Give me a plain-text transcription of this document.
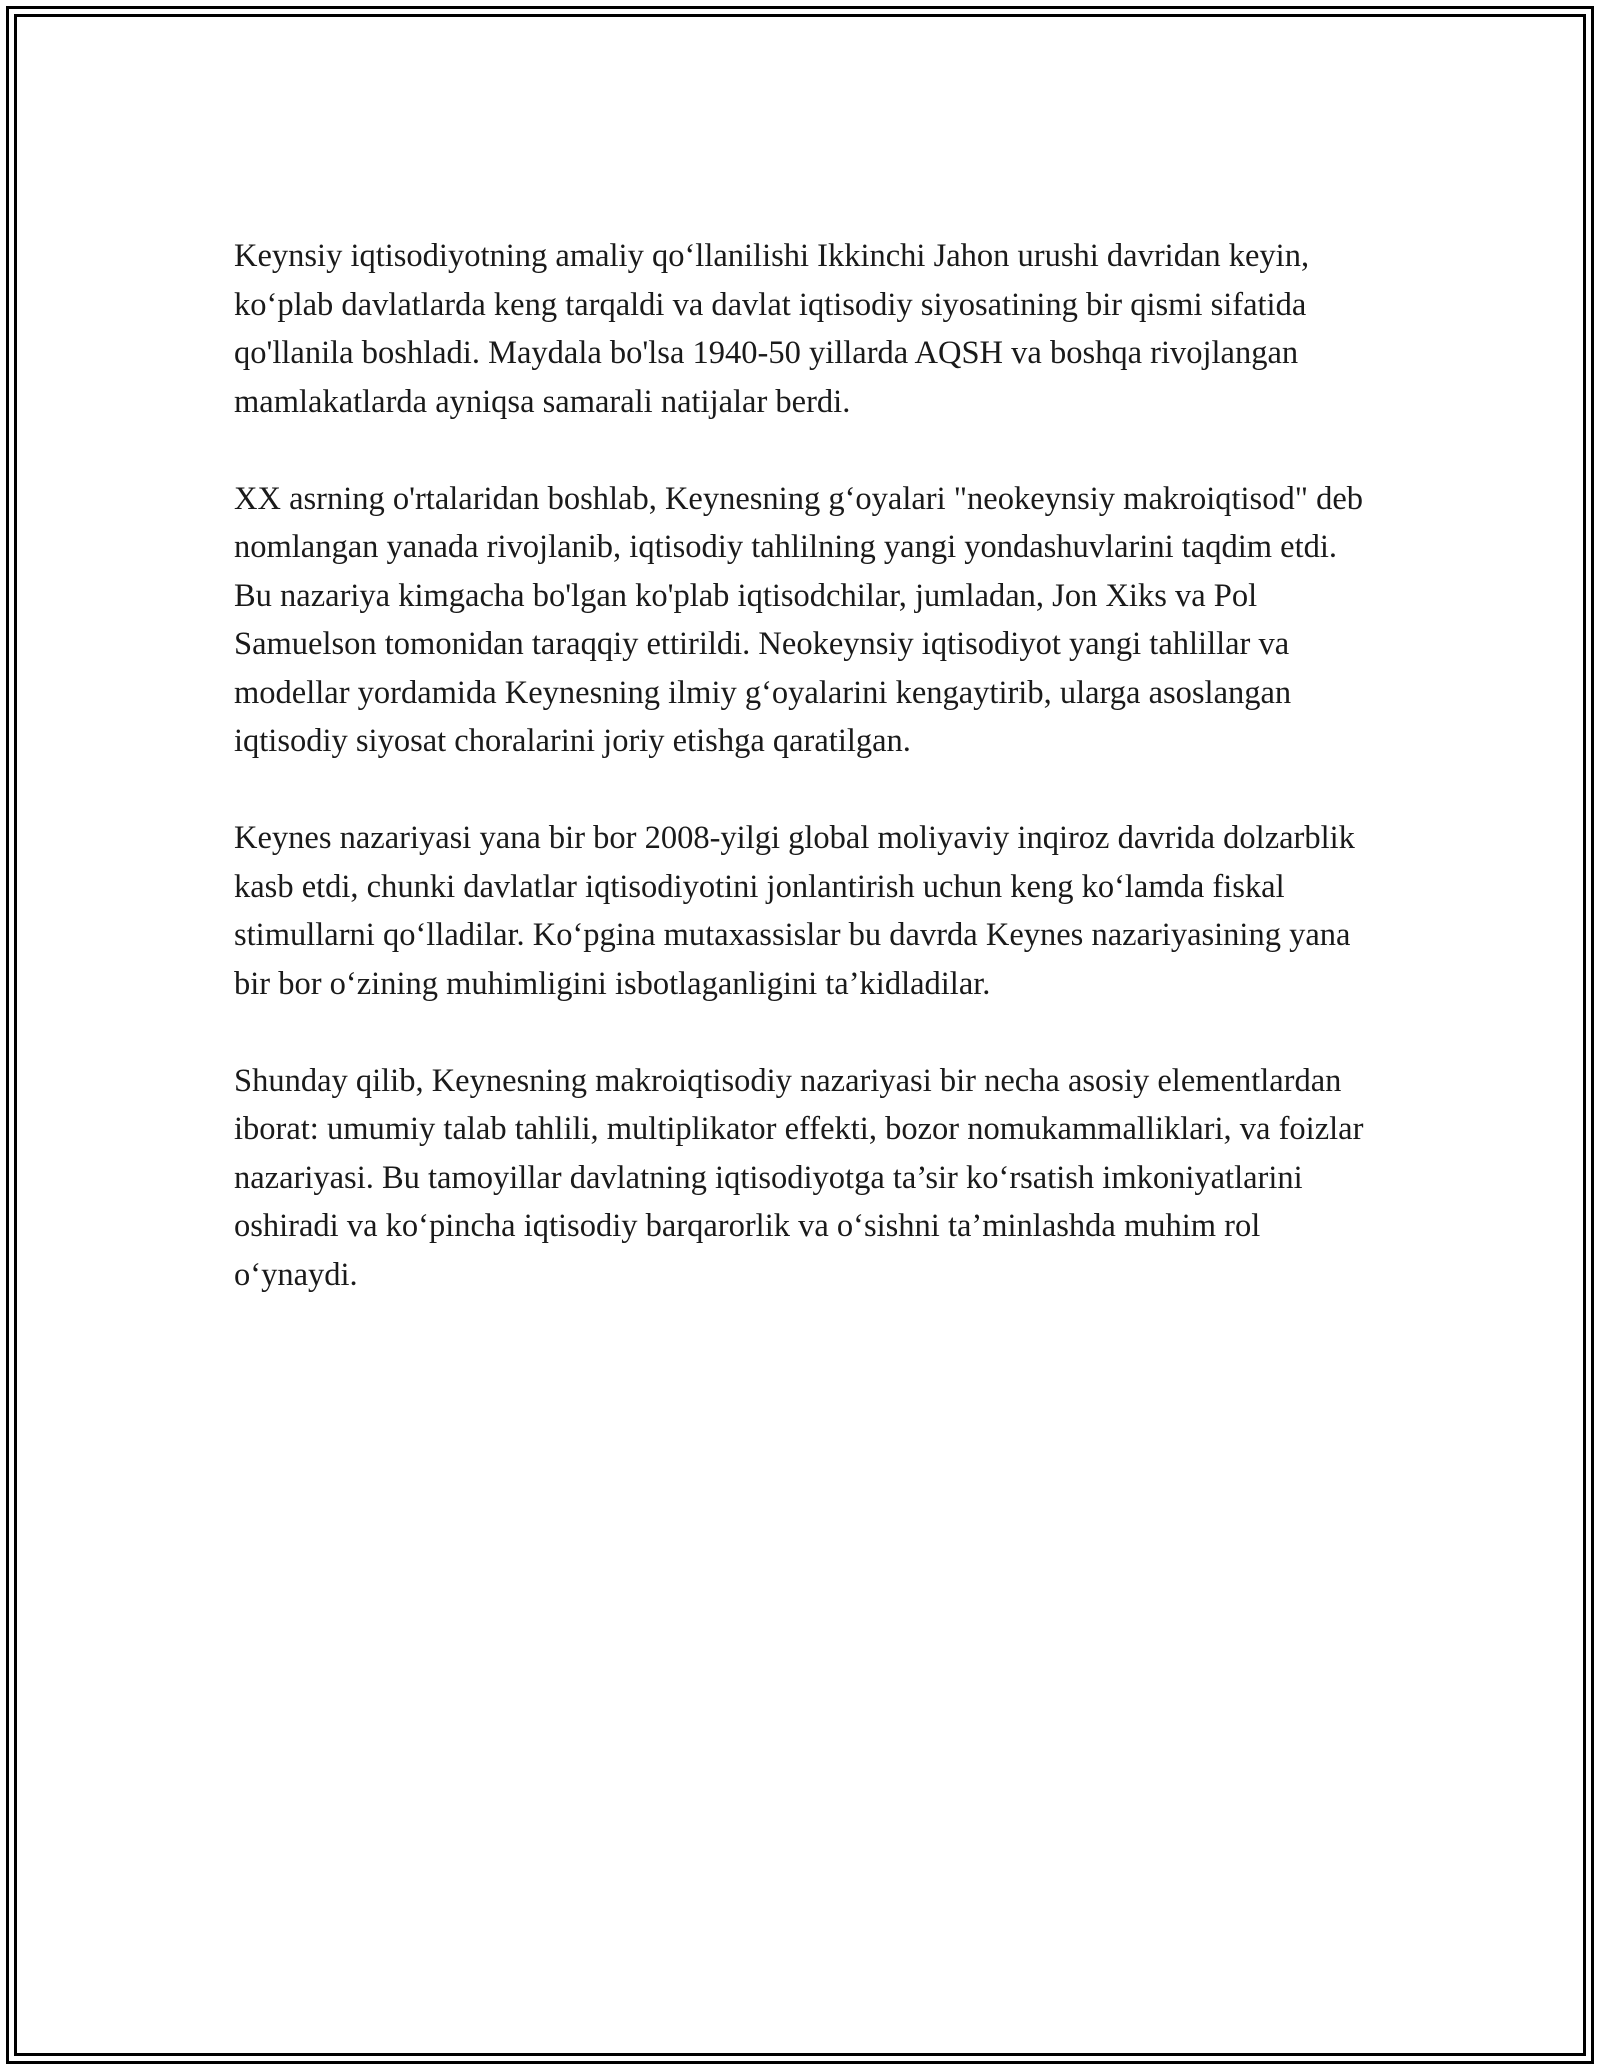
Keynsiy iqtisodiyotning amaliy qo‘llanilishi Ikkinchi Jahon urushi davridan keyin, ko‘plab davlatlarda keng tarqaldi va davlat iqtisodiy siyosatining bir qismi sifatida qo'llanila boshladi. Maydala bo'lsa 1940-50 yillarda AQSH va boshqa rivojlangan mamlakatlarda ayniqsa samarali natijalar berdi.

XX asrning o'rtalaridan boshlab, Keynesning g‘oyalari "neokeynsiy makroiqtisod" deb nomlangan yanada rivojlanib, iqtisodiy tahlilning yangi yondashuvlarini taqdim etdi. Bu nazariya kimgacha bo'lgan ko'plab iqtisodchilar, jumladan, Jon Xiks va Pol Samuelson tomonidan taraqqiy ettirildi. Neokeynsiy iqtisodiyot yangi tahlillar va modellar yordamida Keynesning ilmiy g‘oyalarini kengaytirib, ularga asoslangan iqtisodiy siyosat choralarini joriy etishga qaratilgan.

Keynes nazariyasi yana bir bor 2008-yilgi global moliyaviy inqiroz davrida dolzarblik kasb etdi, chunki davlatlar iqtisodiyotini jonlantirish uchun keng ko‘lamda fiskal stimullarni qo‘lladilar. Ko‘pgina mutaxassislar bu davrda Keynes nazariyasining yana bir bor o‘zining muhimligini isbotlaganligini ta’kidladilar.

Shunday qilib, Keynesning makroiqtisodiy nazariyasi bir necha asosiy elementlardan iborat: umumiy talab tahlili, multiplikator effekti, bozor nomukammalliklari, va foizlar nazariyasi. Bu tamoyillar davlatning iqtisodiyotga ta’sir ko‘rsatish imkoniyatlarini oshiradi va ko‘pincha iqtisodiy barqarorlik va o‘sishni ta’minlashda muhim rol o‘ynaydi.
